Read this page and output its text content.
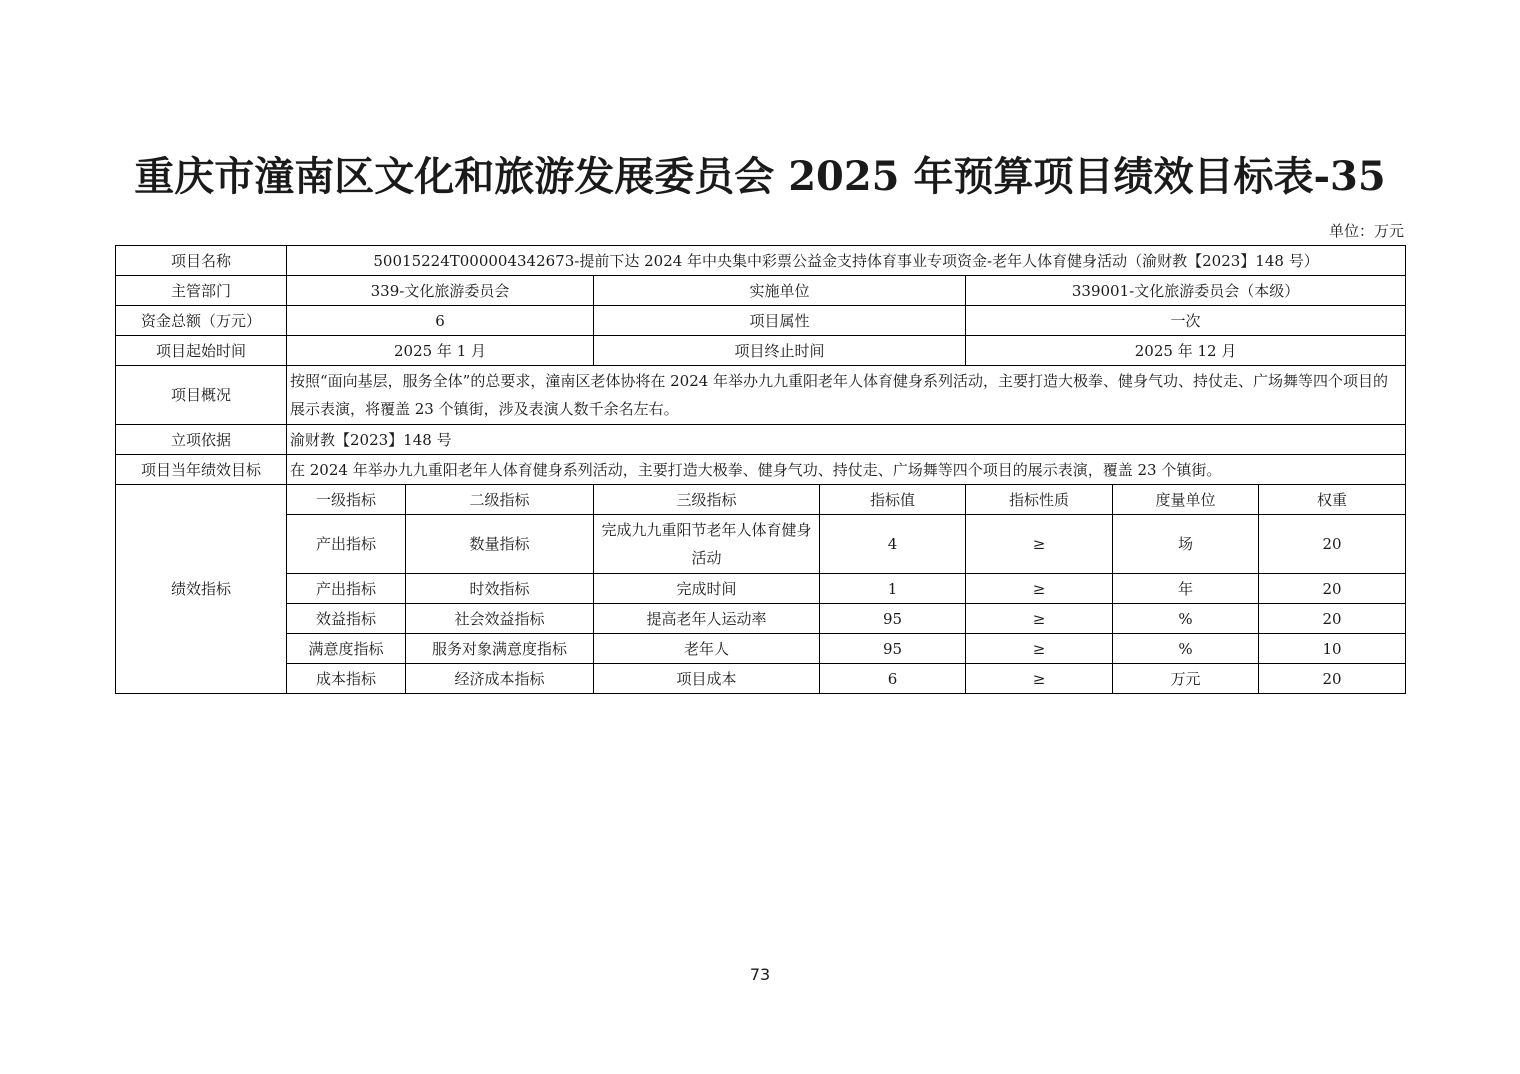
重庆市潼南区文化和旅游发展委员会 2025 年预算项目绩效目标表-35
单位：万元
项目名称	50015224T000004342673-提前下达 2024 年中央集中彩票公益金支持体育事业专项资金-老年人体育健身活动（渝财教【2023】148 号）						
主管部门	339-文化旅游委员会		实施单位		339001-文化旅游委员会（本级）		
资金总额（万元）	6		项目属性		一次		
项目起始时间	2025 年 1 月		项目终止时间		2025 年 12 月		
项目概况	按照“面向基层，服务全体”的总要求，潼南区老体协将在 2024 年举办九九重阳老年人体育健身系列活动，主要打造大极拳、健身气功、持仗走、广场舞等四个项目的展示表演，将覆盖 23 个镇街，涉及表演人数千余名左右。						
立项依据	渝财教【2023】148 号						
项目当年绩效目标	在 2024 年举办九九重阳老年人体育健身系列活动，主要打造大极拳、健身气功、持仗走、广场舞等四个项目的展示表演，覆盖 23 个镇街。						
绩效指标	一级指标	二级指标	三级指标	指标值	指标性质	度量单位	权重
	产出指标	数量指标	完成九九重阳节老年人体育健身活动	4	≥	场	20
	产出指标	时效指标	完成时间	1	≥	年	20
	效益指标	社会效益指标	提高老年人运动率	95	≥	%	20
	满意度指标	服务对象满意度指标	老年人	95	≥	%	10
	成本指标	经济成本指标	项目成本	6	≥	万元	20
73
